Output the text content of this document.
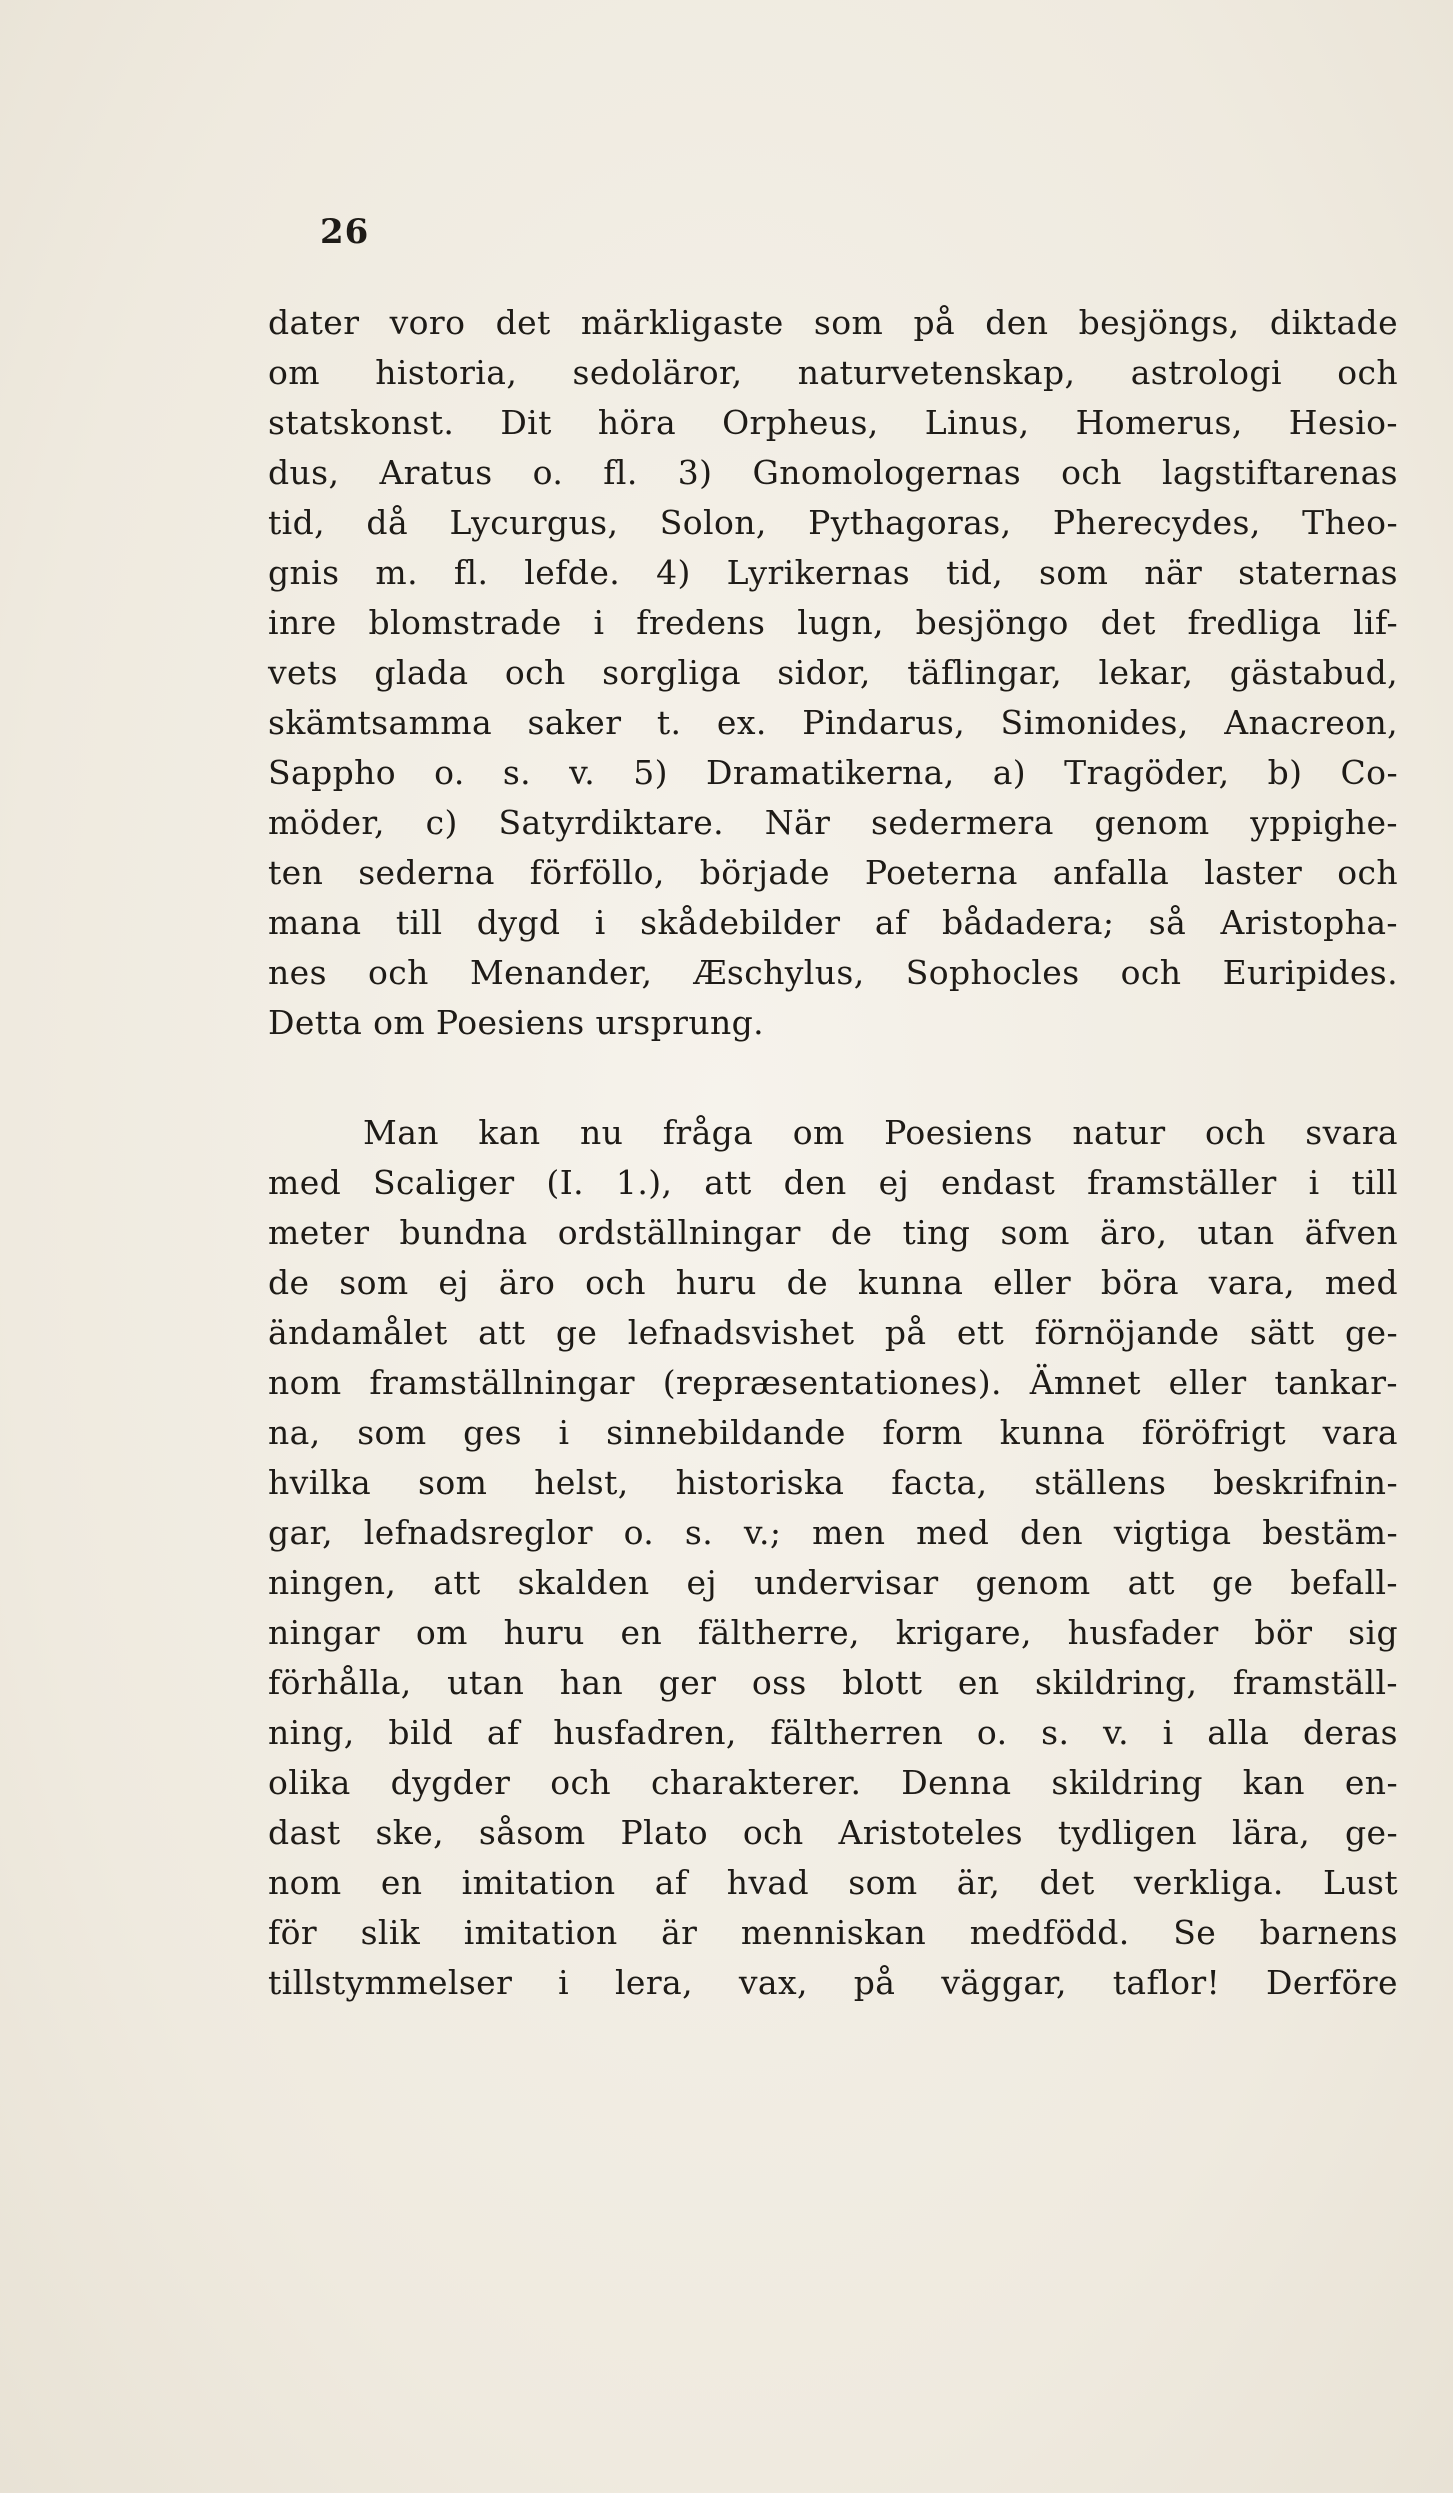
26
dater voro det märkligaste som på den besjöngs, diktade
om historia, sedoläror, naturvetenskap, astrologi och
statskonst. Dit höra Orpheus, Linus, Homerus, Hesio-
dus, Aratus o. fl. 3) Gnomologernas och lagstiftarenas
tid, då Lycurgus, Solon, Pythagoras, Pherecydes, Theo-
gnis m. fl. lefde. 4) Lyrikernas tid, som när staternas
inre blomstrade i fredens lugn, besjöngo det fredliga lif-
vets glada och sorgliga sidor, täflingar, lekar, gästabud,
skämtsamma saker t. ex. Pindarus, Simonides, Anacreon,
Sappho o. s. v. 5) Dramatikerna, a) Tragöder, b) Co-
möder, c) Satyrdiktare. När sedermera genom yppighe-
ten sederna förföllo, började Poeterna anfalla laster och
mana till dygd i skådebilder af bådadera; så Aristopha-
nes och Menander, Æschylus, Sophocles och Euripides.
Detta om Poesiens ursprung.
Man kan nu fråga om Poesiens natur och svara
med Scaliger (I. 1.), att den ej endast framställer i till
meter bundna ordställningar de ting som äro, utan äfven
de som ej äro och huru de kunna eller böra vara, med
ändamålet att ge lefnadsvishet på ett förnöjande sätt ge-
nom framställningar (repræsentationes). Ämnet eller tankar-
na, som ges i sinnebildande form kunna föröfrigt vara
hvilka som helst, historiska facta, ställens beskrifnin-
gar, lefnadsreglor o. s. v.; men med den vigtiga bestäm-
ningen, att skalden ej undervisar genom att ge befall-
ningar om huru en fältherre, krigare, husfader bör sig
förhålla, utan han ger oss blott en skildring, framställ-
ning, bild af husfadren, fältherren o. s. v. i alla deras
olika dygder och charakterer. Denna skildring kan en-
dast ske, såsom Plato och Aristoteles tydligen lära, ge-
nom en imitation af hvad som är, det verkliga. Lust
för slik imitation är menniskan medfödd. Se barnens
tillstymmelser i lera, vax, på väggar, taflor! Derföre
